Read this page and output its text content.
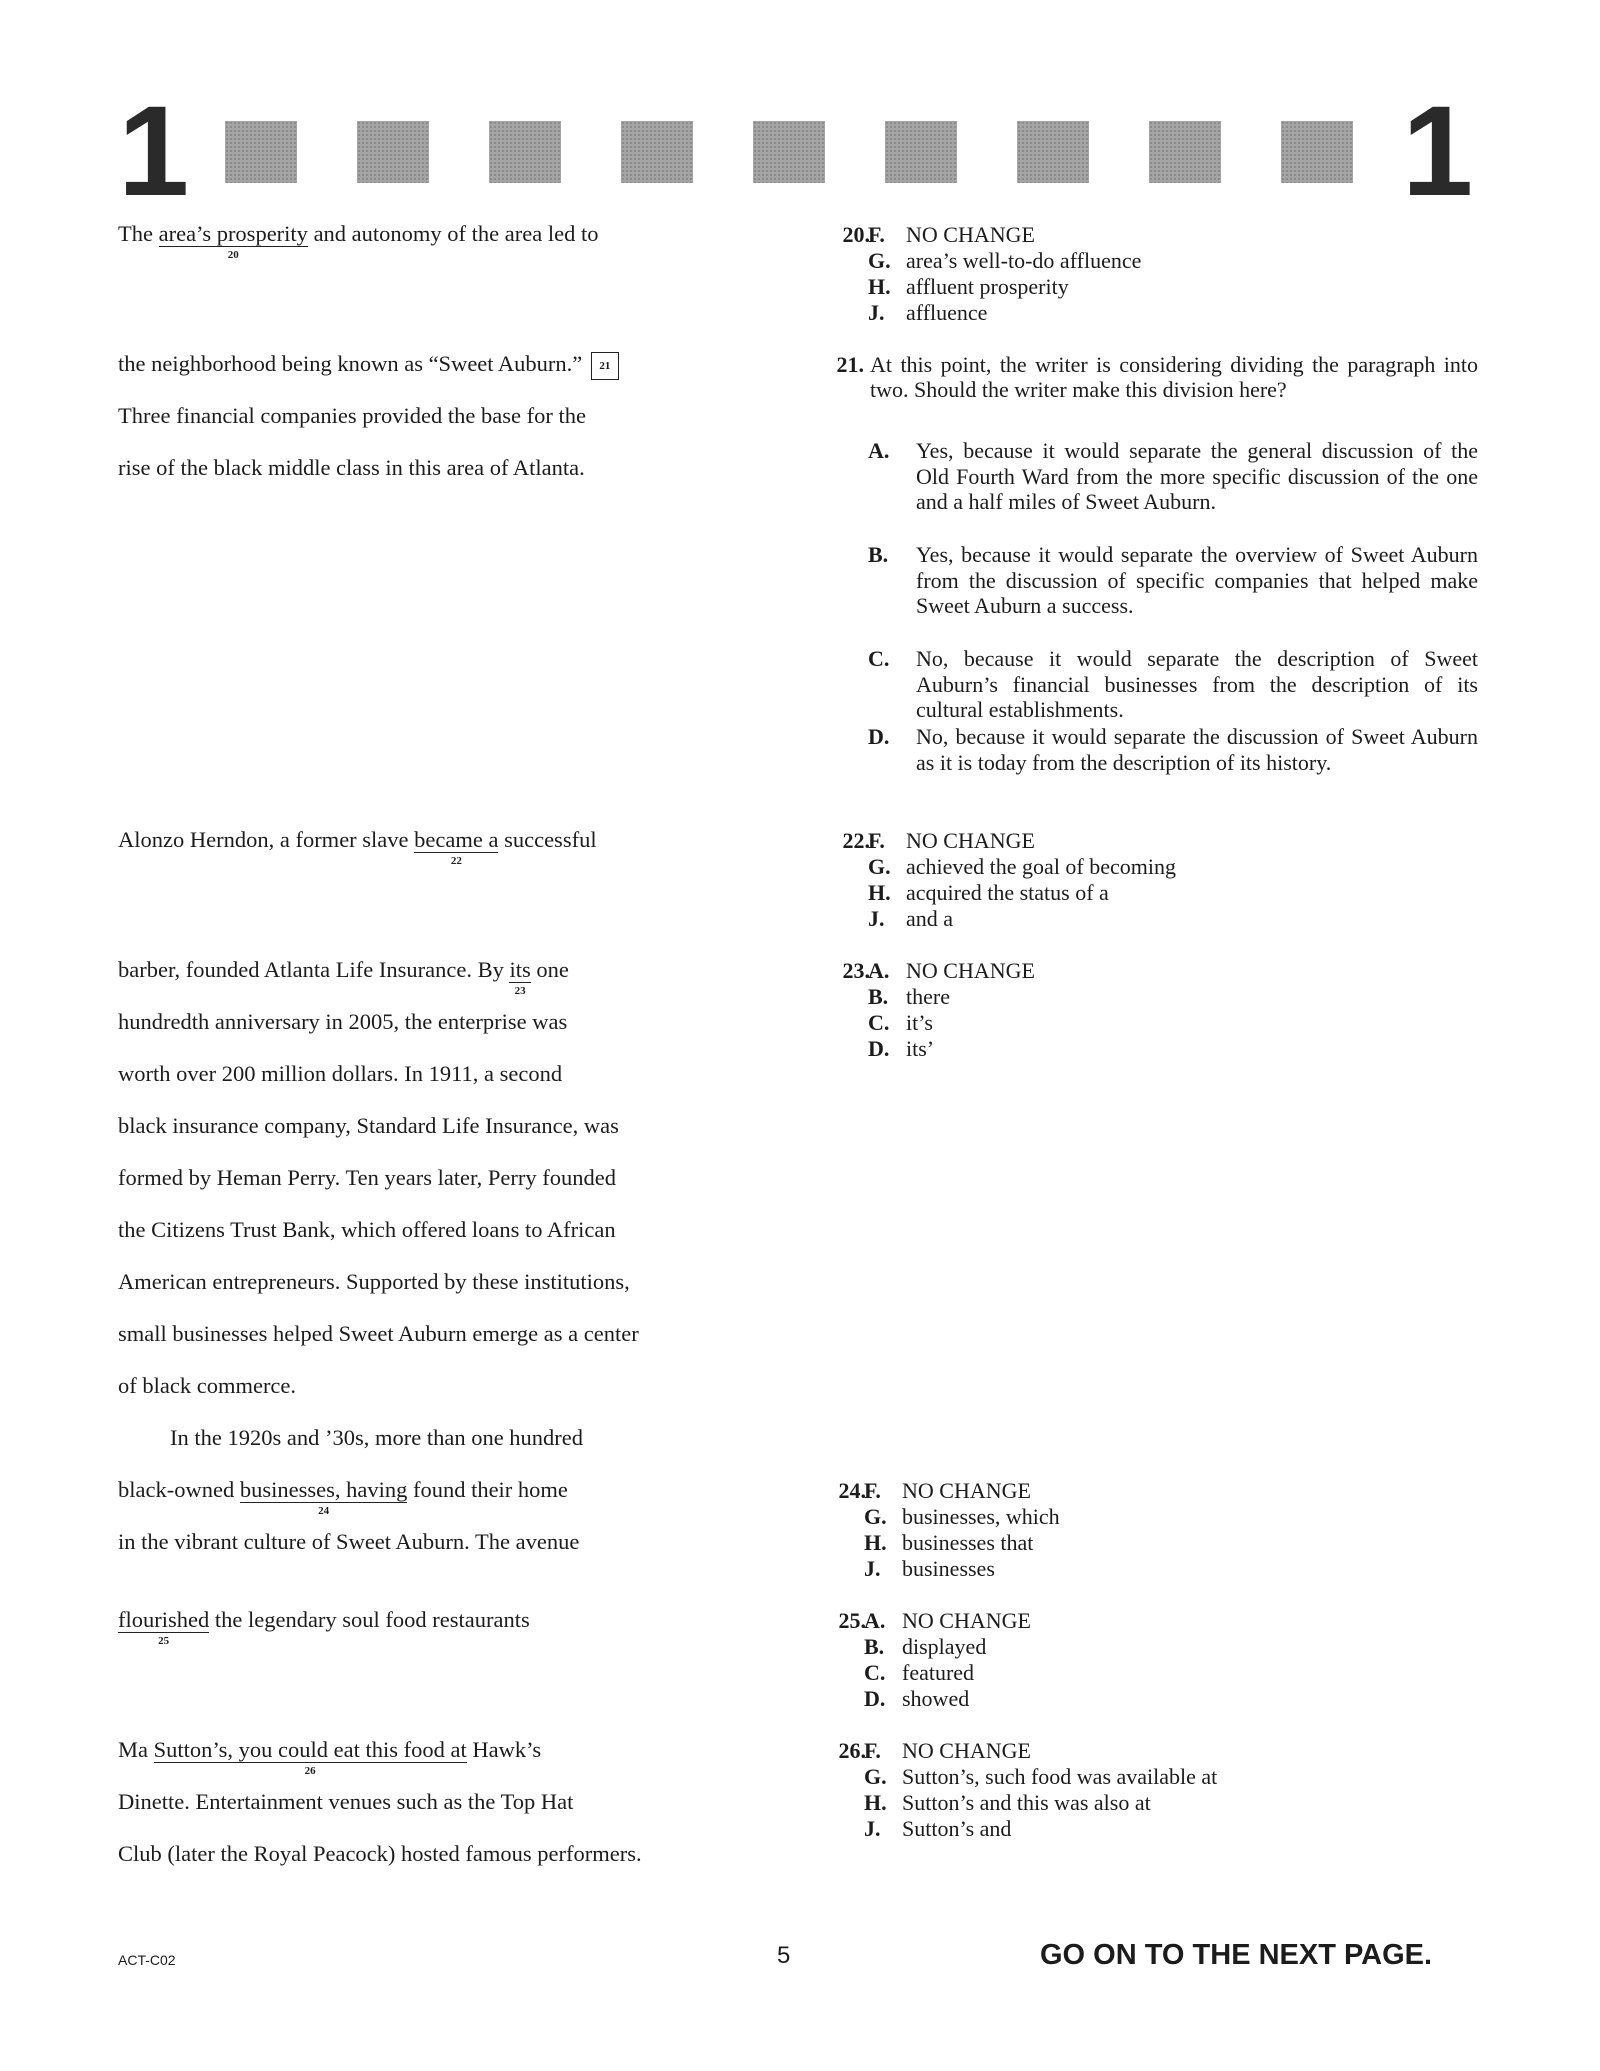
1	1
The area’s prosperity
20
and autonomy of the area led to
the neighborhood being known as “Sweet Auburn.” 21
Three financial companies provided the base for the
rise of the black middle class in this area of Atlanta.
Alonzo Herndon, a former slave became a
22
successful
barber, founded Atlanta Life Insurance. By its
23
one
hundredth anniversary in 2005, the enterprise was
worth over 200 million dollars. In 1911, a second
black insurance company, Standard Life Insurance, was
formed by Heman Perry. Ten years later, Perry founded
the Citizens Trust Bank, which offered loans to African
American entrepreneurs. Supported by these institutions,
small businesses helped Sweet Auburn emerge as a center
of black commerce.
In the 1920s and ’30s, more than one hundred
black-owned businesses, having
24
found their home
in the vibrant culture of Sweet Auburn. The avenue
flourished
25
the legendary soul food restaurants
Ma Sutton’s, you could eat this food at
26
Hawk’s
Dinette. Entertainment venues such as the Top Hat
Club (later the Royal Peacock) hosted famous performers.
20.
F. NO CHANGE
G. area’s well-to-do affluence
H. affluent prosperity
J. affluence
21. At this point, the writer is considering dividing the paragraph into two. Should the writer make this division here?
A. Yes, because it would separate the general discussion of the Old Fourth Ward from the more specific discussion of the one and a half miles of Sweet Auburn.
B. Yes, because it would separate the overview of Sweet Auburn from the discussion of specific companies that helped make Sweet Auburn a success.
C. No, because it would separate the description of Sweet Auburn’s financial businesses from the description of its cultural establishments.
D. No, because it would separate the discussion of Sweet Auburn as it is today from the description of its history.
22.
F. NO CHANGE
G. achieved the goal of becoming
H. acquired the status of a
J. and a
23.
A. NO CHANGE
B. there
C. it’s
D. its’
24.
F. NO CHANGE
G. businesses, which
H. businesses that
J. businesses
25.
A. NO CHANGE
B. displayed
C. featured
D. showed
26.
F. NO CHANGE
G. Sutton’s, such food was available at
H. Sutton’s and this was also at
J. Sutton’s and
ACT-C02	5	GO ON TO THE NEXT PAGE.
